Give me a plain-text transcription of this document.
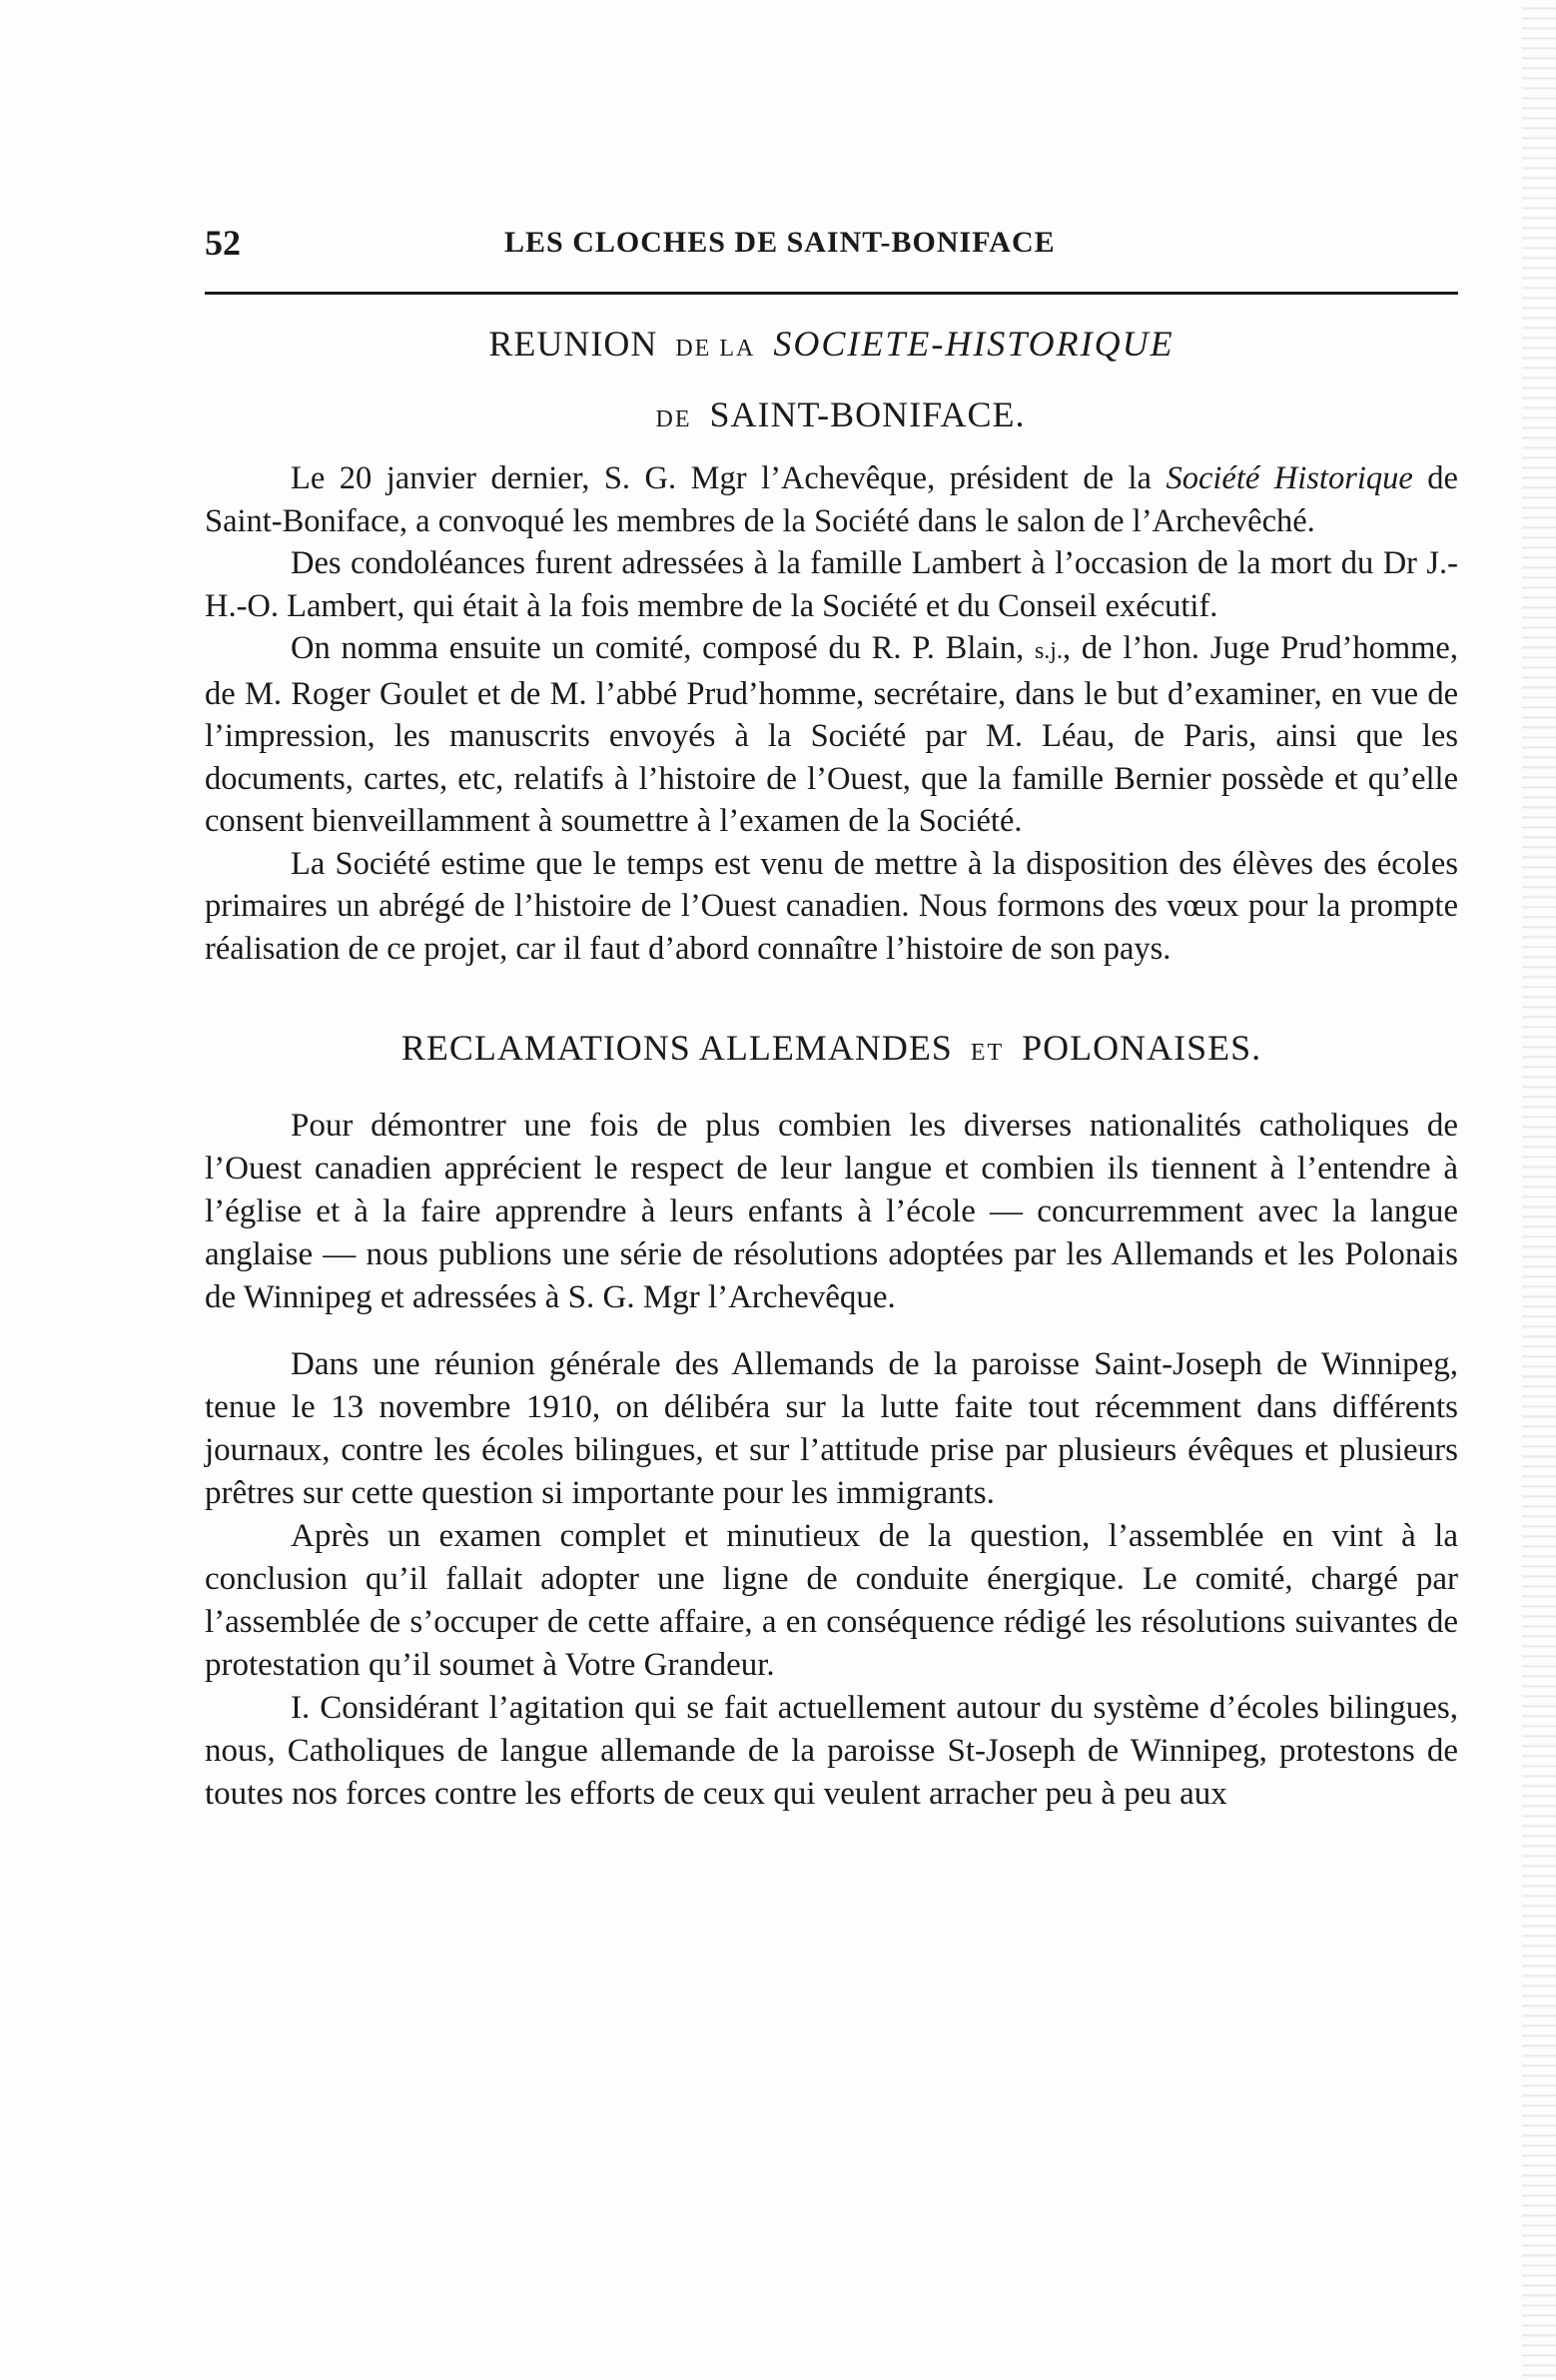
52	LES CLOCHES DE SAINT-BONIFACE
REUNION DE LA SOCIETE-HISTORIQUE
DE SAINT-BONIFACE.

Le 20 janvier dernier, S. G. Mgr l’Achevêque, président de la Société Historique de Saint-Boniface, a convoqué les membres de la Société dans le salon de l’Archevêché.

Des condoléances furent adressées à la famille Lambert à l’occasion de la mort du Dr J.-H.-O. Lambert, qui était à la fois membre de la Société et du Conseil exécutif.

On nomma ensuite un comité, composé du R. P. Blain, s.j., de l’hon. Juge Prud’homme, de M. Roger Goulet et de M. l’abbé Prud’homme, secrétaire, dans le but d’examiner, en vue de l’impression, les manuscrits envoyés à la Société par M. Léau, de Paris, ainsi que les documents, cartes, etc, relatifs à l’histoire de l’Ouest, que la famille Bernier possède et qu’elle consent bienveillamment à soumettre à l’examen de la Société.

La Société estime que le temps est venu de mettre à la disposition des élèves des écoles primaires un abrégé de l’histoire de l’Ouest canadien. Nous formons des vœux pour la prompte réalisation de ce projet, car il faut d’abord connaître l’histoire de son pays.

RECLAMATIONS ALLEMANDES ET POLONAISES.

Pour démontrer une fois de plus combien les diverses nationalités catholiques de l’Ouest canadien apprécient le respect de leur langue et combien ils tiennent à l’entendre à l’église et à la faire apprendre à leurs enfants à l’école — concurremment avec la langue anglaise — nous publions une série de résolutions adoptées par les Allemands et les Polonais de Winnipeg et adressées à S. G. Mgr l’Archevêque.

Dans une réunion générale des Allemands de la paroisse Saint-Joseph de Winnipeg, tenue le 13 novembre 1910, on délibéra sur la lutte faite tout récemment dans différents journaux, contre les écoles bilingues, et sur l’attitude prise par plusieurs évêques et plusieurs prêtres sur cette question si importante pour les immigrants.

Après un examen complet et minutieux de la question, l’assemblée en vint à la conclusion qu’il fallait adopter une ligne de conduite énergique. Le comité, chargé par l’assemblée de s’occuper de cette affaire, a en conséquence rédigé les résolutions suivantes de protestation qu’il soumet à Votre Grandeur.

I. Considérant l’agitation qui se fait actuellement autour du système d’écoles bilingues, nous, Catholiques de langue allemande de la paroisse St-Joseph de Winnipeg, protestons de toutes nos forces contre les efforts de ceux qui veulent arracher peu à peu aux
